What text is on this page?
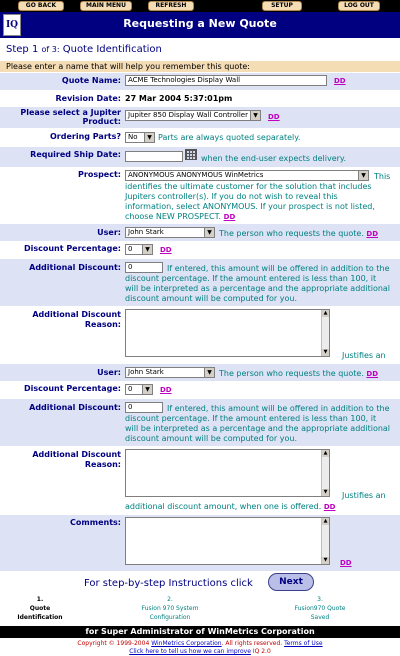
GO BACK	MAIN MENU	REFRESH	SETUP	LOG OUT
IQ	Requesting a New Quote
Step 1 of 3: Quote Identification
Please enter a name that will help you remember this quote:
Quote Name:	ACME Technologies Display Wall	DD
Revision Date: 27 Mar 2004 5:37:01pm
Please select a Jupiter
Product:
Jupiter 850 Display Wall Controller ▼	DD
Ordering Parts?	No	▼ Parts are always quoted separately.
Required Ship Date:	when the end-user expects delivery.
Prospect:	ANONYMOUS ANONYMOUS WinMetrics	▼ This
identifies the ultimate customer for the solution that includes
Jupiters controller(s). If you do not wish to reveal this
information, select ANONYMOUS. If your prospect is not listed,
choose NEW PROSPECT. DD
User:	John Stark	▼ The person who requests the quote. DD
Discount Percentage:	0	▼	DD
Additional Discount:	0	If entered, this amount will be offered in addition to the
discount percentage. If the amount entered is less than 100, it
will be interpreted as a percentage and the appropriate additional
discount amount will be computed for you.
Additional Discount
Reason:
▲
▼ Justifies an
User:	John Stark	▼ The person who requests the quote. DD
Discount Percentage:	0	▼	DD
Additional Discount:	0	If entered, this amount will be offered in addition to the
discount percentage. If the amount entered is less than 100, it
will be interpreted as a percentage and the appropriate additional
discount amount will be computed for you.
Additional Discount
Reason:
▲
▼ Justifies an
additional discount amount, when one is offered. DD
Comments:	▲
▼ DD
For step-by-step Instructions click	Next
1.
Quote
Identification
2.
Fusion 970 System
Configuration
3.
Fusion970 Quote
Saved
for Super Administrator of WinMetrics Corporation
Copyright © 1999-2004 WinMetrics Corporation. All rights reserved. Terms of Use
Click here to tell us how we can improve IQ 2.0
